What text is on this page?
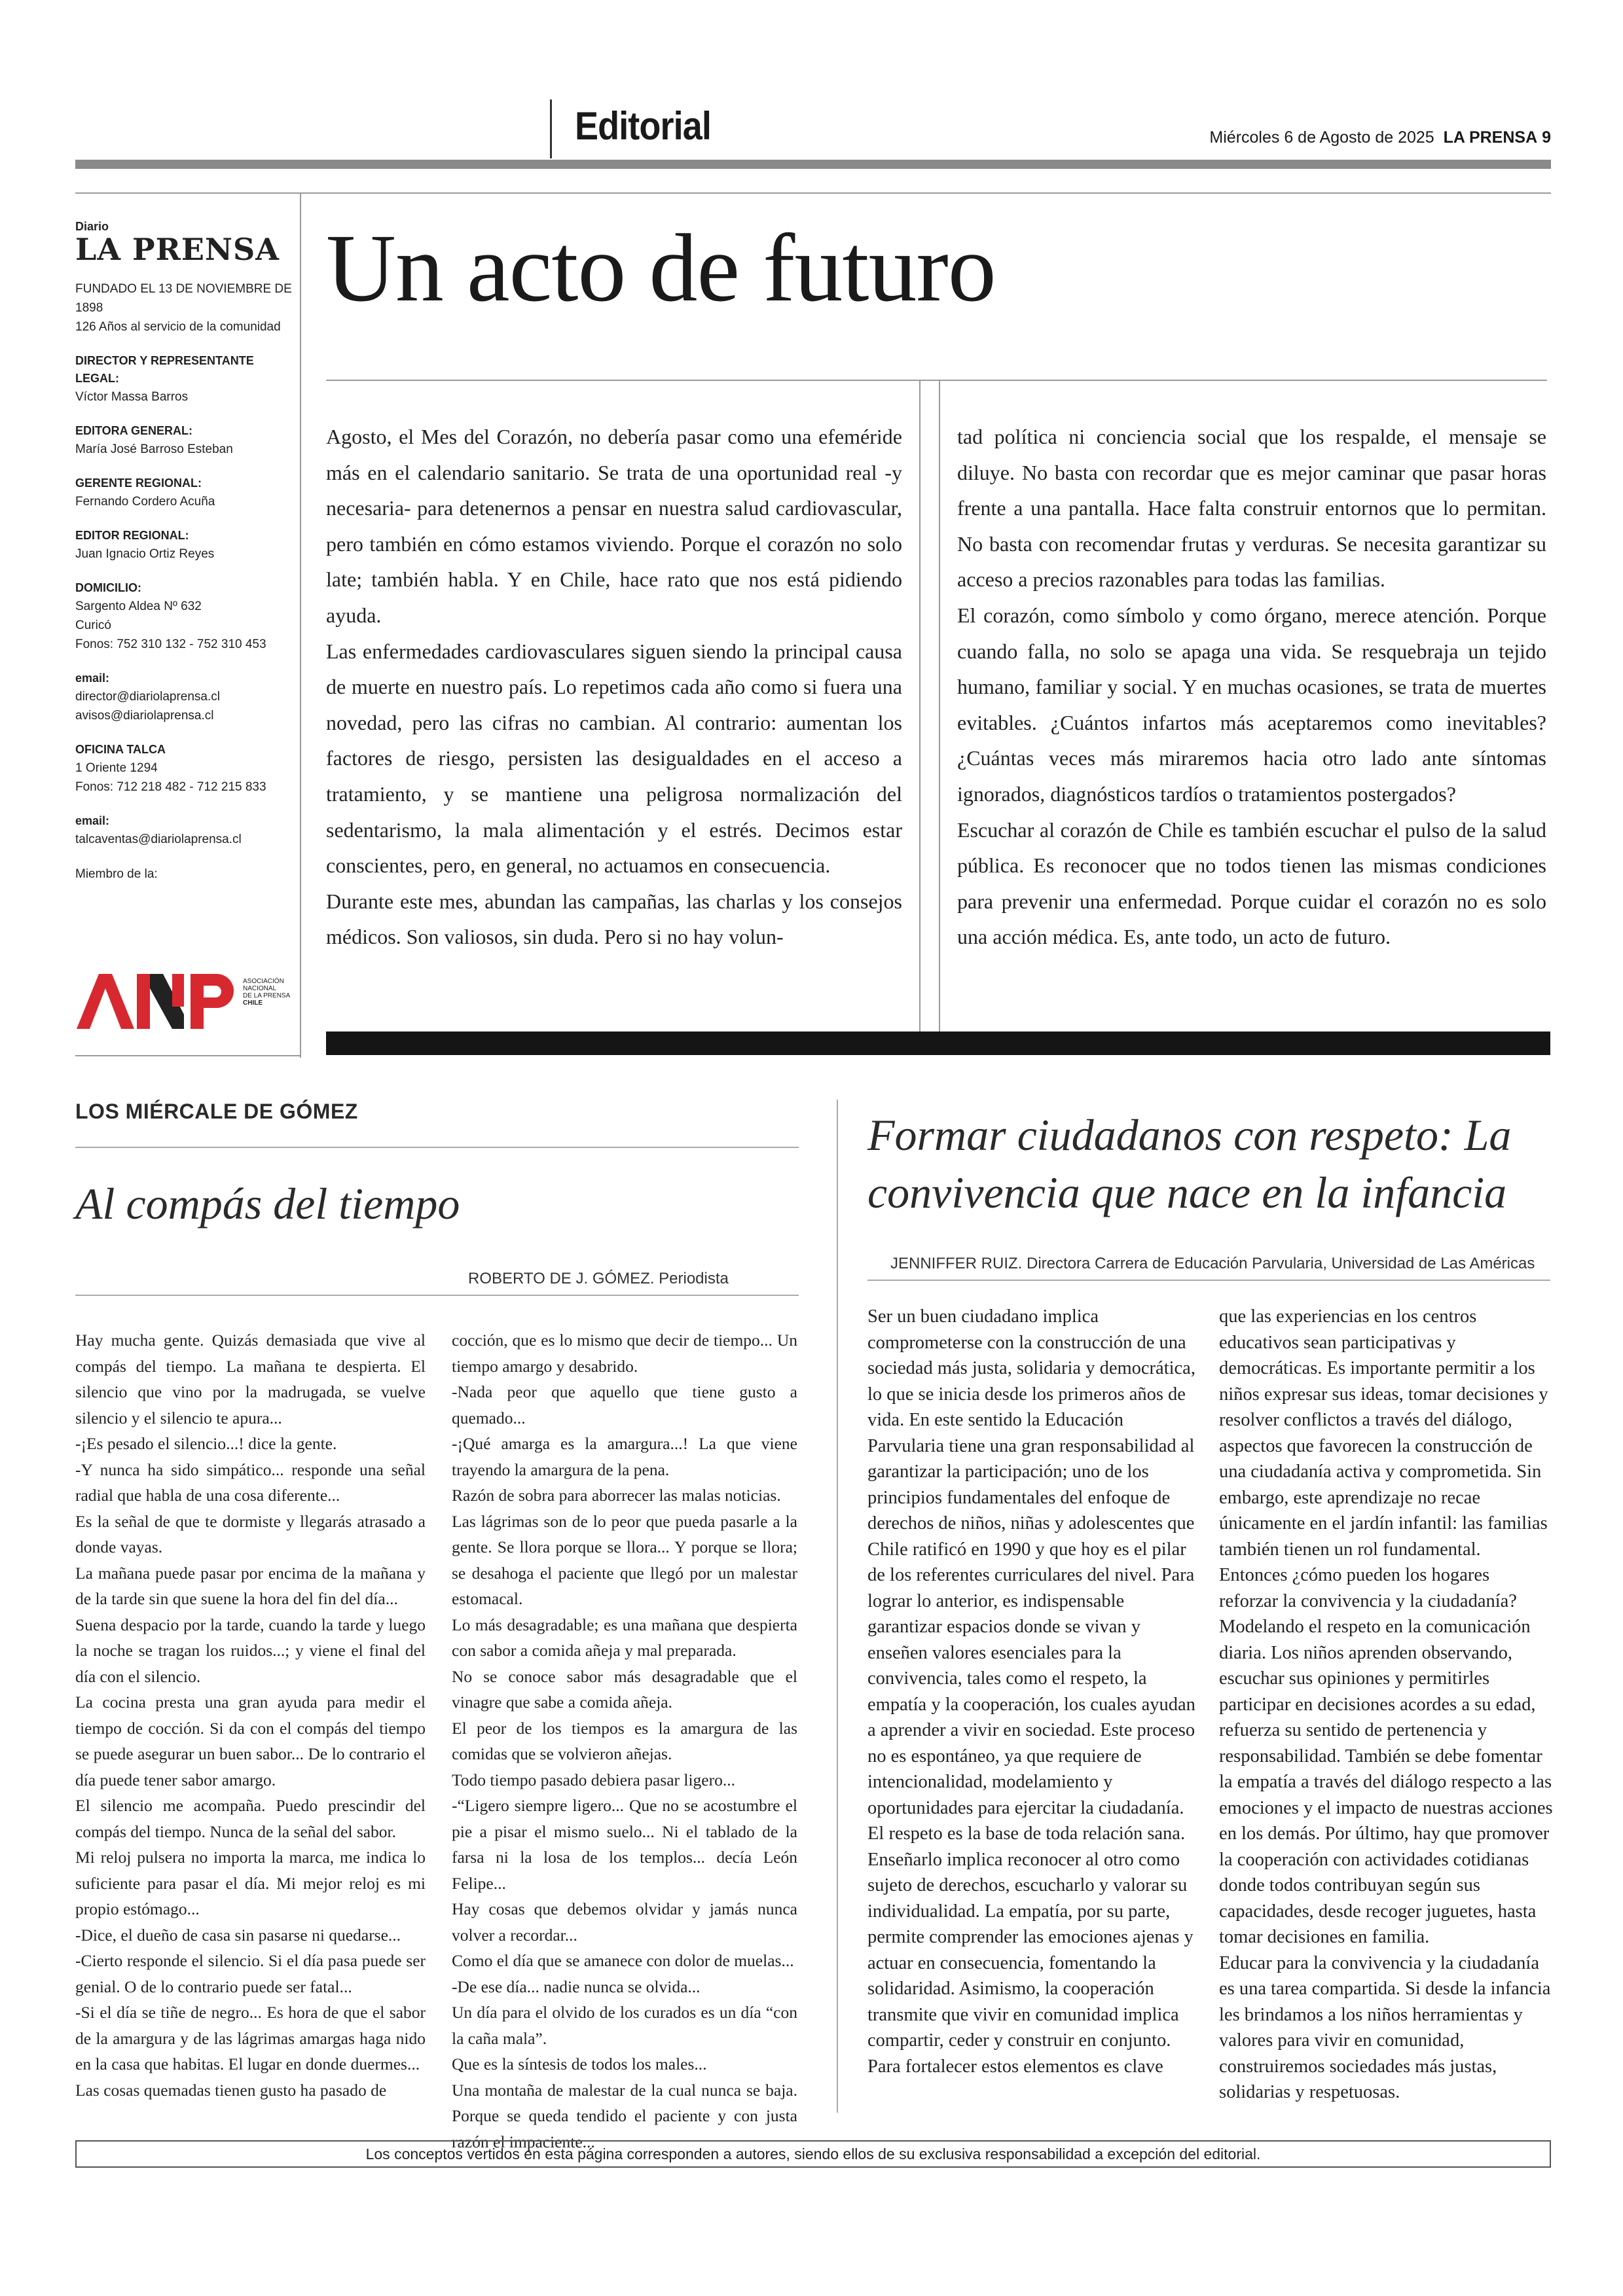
Editorial	Miércoles 6 de Agosto de 2025 LA PRENSA 9
Diario
LA PRENSA
FUNDADO EL 13 DE NOVIEMBRE DE 1898
126 Años al servicio de la comunidad
DIRECTOR Y REPRESENTANTE LEGAL:
Víctor Massa Barros
EDITORA GENERAL:
María José Barroso Esteban
GERENTE REGIONAL:
Fernando Cordero Acuña
EDITOR REGIONAL:
Juan Ignacio Ortiz Reyes
DOMICILIO:
Sargento Aldea Nº 632
Curicó
Fonos: 752 310 132 - 752 310 453
email:
director@diariolaprensa.cl
avisos@diariolaprensa.cl
OFICINA TALCA
1 Oriente 1294
Fonos: 712 218 482 - 712 215 833
email:
talcaventas@diariolaprensa.cl
Miembro de la:
ASOCIACIÓN NACIONAL DE LA PRENSA CHILE
Un acto de futuro

Agosto, el Mes del Corazón, no debería pasar como una efeméride más en el calendario sanitario. Se trata de una oportunidad real -y necesaria- para detenernos a pensar en nuestra salud cardiovascular, pero también en cómo estamos viviendo. Porque el corazón no solo late; también habla. Y en Chile, hace rato que nos está pidiendo ayuda.

Las enfermedades cardiovasculares siguen siendo la principal causa de muerte en nuestro país. Lo repetimos cada año como si fuera una novedad, pero las cifras no cambian. Al contrario: aumentan los factores de riesgo, persisten las desigualdades en el acceso a tratamiento, y se mantiene una peligrosa normalización del sedentarismo, la mala alimentación y el estrés. Decimos estar conscientes, pero, en general, no actuamos en consecuencia.

Durante este mes, abundan las campañas, las charlas y los consejos médicos. Son valiosos, sin duda. Pero si no hay volun-

tad política ni conciencia social que los respalde, el mensaje se diluye. No basta con recordar que es mejor caminar que pasar horas frente a una pantalla. Hace falta construir entornos que lo permitan. No basta con recomendar frutas y verduras. Se necesita garantizar su acceso a precios razonables para todas las familias.

El corazón, como símbolo y como órgano, merece atención. Porque cuando falla, no solo se apaga una vida. Se resquebraja un tejido humano, familiar y social. Y en muchas ocasiones, se trata de muertes evitables. ¿Cuántos infartos más aceptaremos como inevitables? ¿Cuántas veces más miraremos hacia otro lado ante síntomas ignorados, diagnósticos tardíos o tratamientos postergados?

Escuchar al corazón de Chile es también escuchar el pulso de la salud pública. Es reconocer que no todos tienen las mismas condiciones para prevenir una enfermedad. Porque cuidar el corazón no es solo una acción médica. Es, ante todo, un acto de futuro.

LOS MIÉRCALE DE GÓMEZ
Al compás del tiempo
ROBERTO DE J. GÓMEZ. Periodista

Hay mucha gente. Quizás demasiada que vive al compás del tiempo. La mañana te despierta. El silencio que vino por la madrugada, se vuelve silencio y el silencio te apura...

-¡Es pesado el silencio...! dice la gente.

-Y nunca ha sido simpático... responde una señal radial que habla de una cosa diferente...

Es la señal de que te dormiste y llegarás atrasado a donde vayas.

La mañana puede pasar por encima de la mañana y de la tarde sin que suene la hora del fin del día...

Suena despacio por la tarde, cuando la tarde y luego la noche se tragan los ruidos...; y viene el final del día con el silencio.

La cocina presta una gran ayuda para medir el tiempo de cocción. Si da con el compás del tiempo se puede asegurar un buen sabor... De lo contrario el día puede tener sabor amargo.

El silencio me acompaña. Puedo prescindir del compás del tiempo. Nunca de la señal del sabor.

Mi reloj pulsera no importa la marca, me indica lo suficiente para pasar el día. Mi mejor reloj es mi propio estómago...

-Dice, el dueño de casa sin pasarse ni quedarse...

-Cierto responde el silencio. Si el día pasa puede ser genial. O de lo contrario puede ser fatal...

-Si el día se tiñe de negro... Es hora de que el sabor de la amargura y de las lágrimas amargas haga nido en la casa que habitas. El lugar en donde duermes...

Las cosas quemadas tienen gusto ha pasado de

cocción, que es lo mismo que decir de tiempo... Un tiempo amargo y desabrido.

-Nada peor que aquello que tiene gusto a quemado...

-¡Qué amarga es la amargura...! La que viene trayendo la amargura de la pena.

Razón de sobra para aborrecer las malas noticias.

Las lágrimas son de lo peor que pueda pasarle a la gente. Se llora porque se llora... Y porque se llora; se desahoga el paciente que llegó por un malestar estomacal.

Lo más desagradable; es una mañana que despierta con sabor a comida añeja y mal preparada.

No se conoce sabor más desagradable que el vinagre que sabe a comida añeja.

El peor de los tiempos es la amargura de las comidas que se volvieron añejas.

Todo tiempo pasado debiera pasar ligero...

-“Ligero siempre ligero... Que no se acostumbre el pie a pisar el mismo suelo... Ni el tablado de la farsa ni la losa de los templos... decía León Felipe...

Hay cosas que debemos olvidar y jamás nunca volver a recordar...

Como el día que se amanece con dolor de muelas...

-De ese día... nadie nunca se olvida...

Un día para el olvido de los curados es un día “con la caña mala”.

Que es la síntesis de todos los males...

Una montaña de malestar de la cual nunca se baja. Porque se queda tendido el paciente y con justa razón el impaciente...

Formar ciudadanos con respeto: La convivencia que nace en la infancia
JENNIFFER RUIZ. Directora Carrera de Educación Parvularia, Universidad de Las Américas

Ser un buen ciudadano implica comprometerse con la construcción de una sociedad más justa, solidaria y democrática, lo que se inicia desde los primeros años de vida. En este sentido la Educación Parvularia tiene una gran responsabilidad al garantizar la participación; uno de los principios fundamentales del enfoque de derechos de niños, niñas y adolescentes que Chile ratificó en 1990 y que hoy es el pilar de los referentes curriculares del nivel. Para lograr lo anterior, es indispensable garantizar espacios donde se vivan y enseñen valores esenciales para la convivencia, tales como el respeto, la empatía y la cooperación, los cuales ayudan a aprender a vivir en sociedad. Este proceso no es espontáneo, ya que requiere de intencionalidad, modelamiento y oportunidades para ejercitar la ciudadanía.

El respeto es la base de toda relación sana. Enseñarlo implica reconocer al otro como sujeto de derechos, escucharlo y valorar su individualidad. La empatía, por su parte, permite comprender las emociones ajenas y actuar en consecuencia, fomentando la solidaridad. Asimismo, la cooperación transmite que vivir en comunidad implica compartir, ceder y construir en conjunto.

Para fortalecer estos elementos es clave

que las experiencias en los centros educativos sean participativas y democráticas. Es importante permitir a los niños expresar sus ideas, tomar decisiones y resolver conflictos a través del diálogo, aspectos que favorecen la construcción de una ciudadanía activa y comprometida. Sin embargo, este aprendizaje no recae únicamente en el jardín infantil: las familias también tienen un rol fundamental. Entonces ¿cómo pueden los hogares reforzar la convivencia y la ciudadanía? Modelando el respeto en la comunicación diaria. Los niños aprenden observando, escuchar sus opiniones y permitirles participar en decisiones acordes a su edad, refuerza su sentido de pertenencia y responsabilidad. También se debe fomentar la empatía a través del diálogo respecto a las emociones y el impacto de nuestras acciones en los demás. Por último, hay que promover la cooperación con actividades cotidianas donde todos contribuyan según sus capacidades, desde recoger juguetes, hasta tomar decisiones en familia.

Educar para la convivencia y la ciudadanía es una tarea compartida. Si desde la infancia les brindamos a los niños herramientas y valores para vivir en comunidad, construiremos sociedades más justas, solidarias y respetuosas.

Los conceptos vertidos en esta página corresponden a autores, siendo ellos de su exclusiva responsabilidad a excepción del editorial.
